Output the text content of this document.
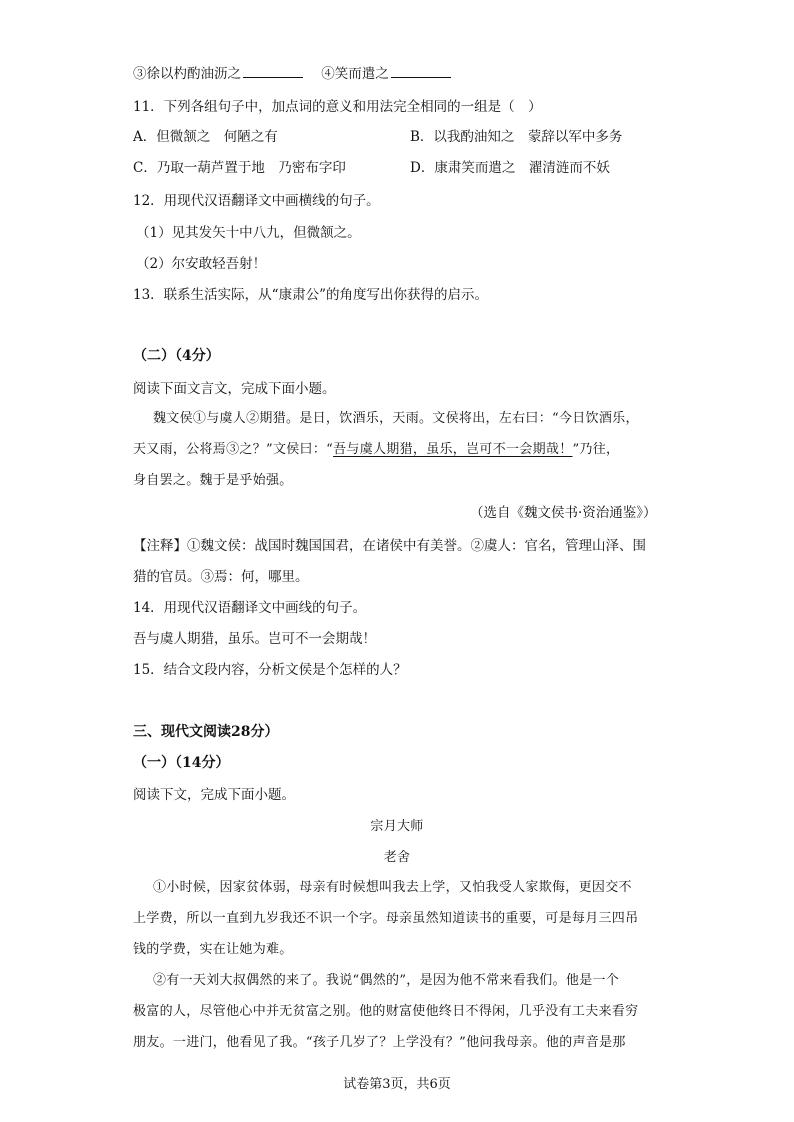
③徐以杓酌油沥之	④笑而遣之
11．下列各组句子中，加点词的意义和用法完全相同的一组是（　）
A．但微颔之　何陋之有	B．以我酌油知之　蒙辞以军中多务
C．乃取一葫芦置于地　乃密布字印	D．康肃笑而遣之　濯清涟而不妖
12．用现代汉语翻译文中画横线的句子。
（1）见其发矢十中八九，但微颔之。
（2）尔安敢轻吾射！
13．联系生活实际，从“康肃公”的角度写出你获得的启示。
（二）（4分）
阅读下面文言文，完成下面小题。
魏文侯①与虞人②期猎。是日，饮酒乐，天雨。文侯将出，左右曰：“今日饮酒乐，
天又雨，公将焉③之？”文侯曰：“吾与虞人期猎，虽乐，岂可不一会期哉！”乃往，
身自罢之。魏于是乎始强。
（选自《魏文侯书·资治通鉴》）
【注释】①魏文侯：战国时魏国国君，在诸侯中有美誉。②虞人：官名，管理山泽、围
猎的官员。③焉：何，哪里。
14．用现代汉语翻译文中画线的句子。
吾与虞人期猎，虽乐。岂可不一会期哉！
15．结合文段内容，分析文侯是个怎样的人？
三、现代文阅读28分）
（一）（14分）
阅读下文，完成下面小题。
宗月大师
老舍
①小时候，因家贫体弱，母亲有时候想叫我去上学，又怕我受人家欺侮，更因交不
上学费，所以一直到九岁我还不识一个字。母亲虽然知道读书的重要，可是每月三四吊
钱的学费，实在让她为难。
②有一天刘大叔偶然的来了。我说“偶然的”，是因为他不常来看我们。他是一个
极富的人，尽管他心中并无贫富之别。他的财富使他终日不得闲，几乎没有工夫来看穷
朋友。一进门，他看见了我。“孩子几岁了？上学没有？”他问我母亲。他的声音是那
试卷第3页，共6页
